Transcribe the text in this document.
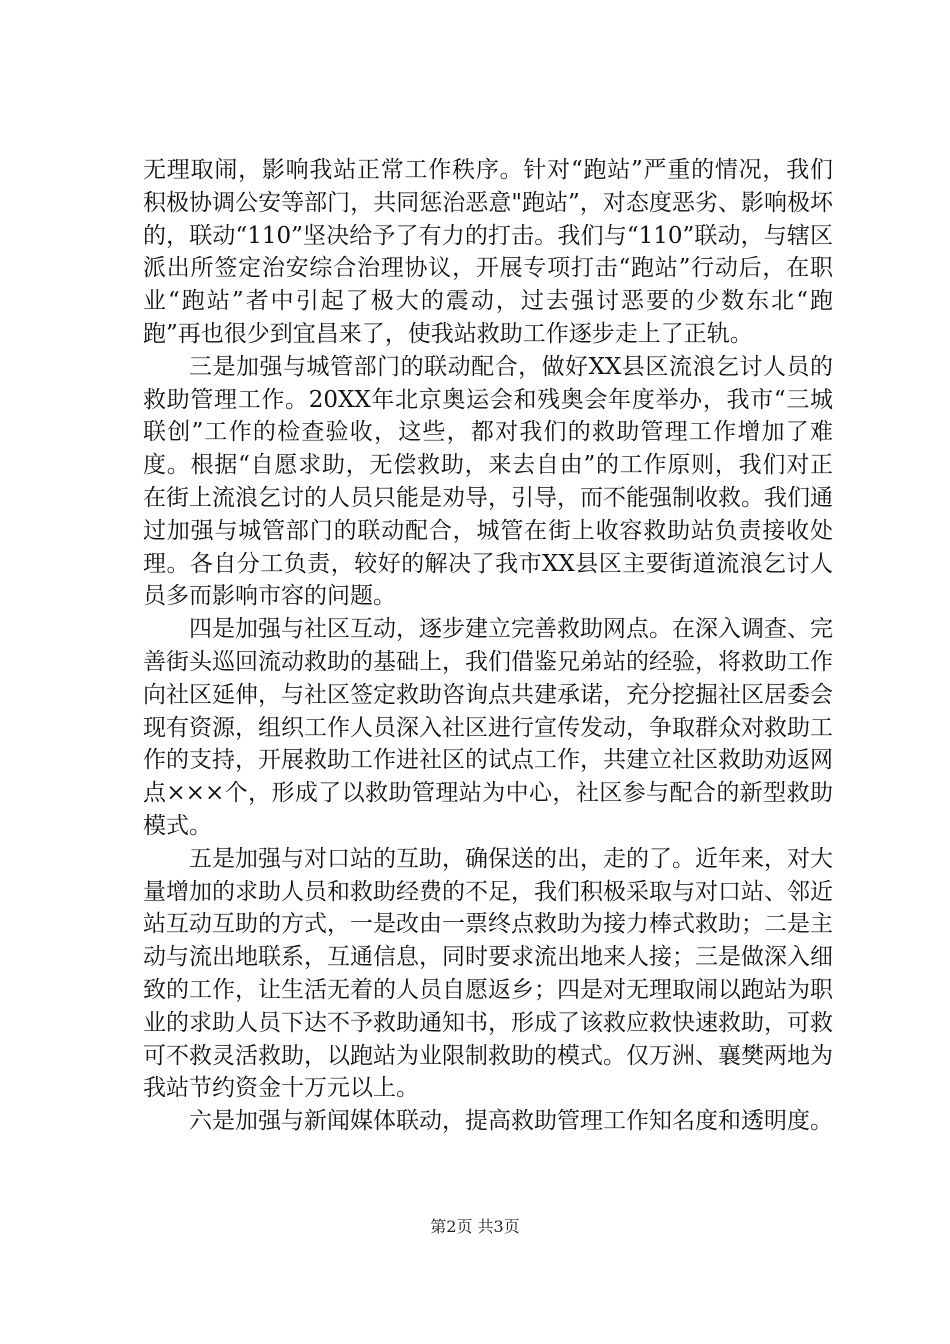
无理取闹，影响我站正常工作秩序。针对“跑站”严重的情况，我们积极协调公安等部门，共同惩治恶意"跑站”，对态度恶劣、影响极坏的，联动“110”坚决给予了有力的打击。我们与“110”联动，与辖区派出所签定治安综合治理协议，开展专项打击“跑站”行动后，在职业“跑站”者中引起了极大的震动，过去强讨恶要的少数东北“跑跑”再也很少到宜昌来了，使我站救助工作逐步走上了正轨。

三是加强与城管部门的联动配合，做好XX县区流浪乞讨人员的救助管理工作。20XX年北京奥运会和残奥会年度举办，我市“三城联创”工作的检查验收，这些，都对我们的救助管理工作增加了难度。根据“自愿求助，无偿救助，来去自由”的工作原则，我们对正在街上流浪乞讨的人员只能是劝导，引导，而不能强制收救。我们通过加强与城管部门的联动配合，城管在街上收容救助站负责接收处理。各自分工负责，较好的解决了我市XX县区主要街道流浪乞讨人员多而影响市容的问题。

四是加强与社区互动，逐步建立完善救助网点。在深入调查、完善街头巡回流动救助的基础上，我们借鉴兄弟站的经验，将救助工作向社区延伸，与社区签定救助咨询点共建承诺，充分挖掘社区居委会现有资源，组织工作人员深入社区进行宣传发动，争取群众对救助工作的支持，开展救助工作进社区的试点工作，共建立社区救助劝返网点×××个，形成了以救助管理站为中心，社区参与配合的新型救助模式。

五是加强与对口站的互助，确保送的出，走的了。近年来，对大量增加的求助人员和救助经费的不足，我们积极采取与对口站、邻近站互动互助的方式，一是改由一票终点救助为接力棒式救助；二是主动与流出地联系，互通信息，同时要求流出地来人接；三是做深入细致的工作，让生活无着的人员自愿返乡；四是对无理取闹以跑站为职业的求助人员下达不予救助通知书，形成了该救应救快速救助，可救可不救灵活救助，以跑站为业限制救助的模式。仅万洲、襄樊两地为我站节约资金十万元以上。

六是加强与新闻媒体联动，提高救助管理工作知名度和透明度。

第2页 共3页
